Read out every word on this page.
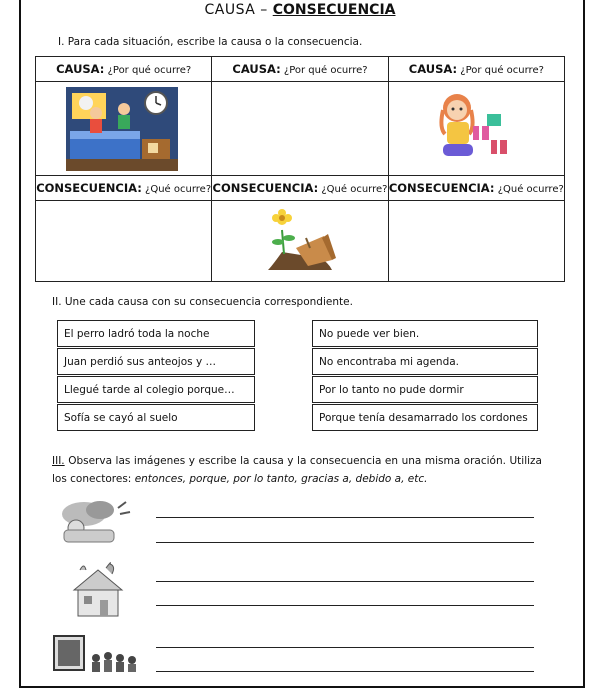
CAUSA – CONSECUENCIA
I. Para cada situación, escribe la causa o la consecuencia.
CAUSA: ¿Por qué ocurre?	CAUSA: ¿Por qué ocurre?	CAUSA: ¿Por qué ocurre?

CONSECUENCIA: ¿Qué ocurre?	CONSECUENCIA: ¿Qué ocurre?	CONSECUENCIA: ¿Qué ocurre?

II. Une cada causa con su consecuencia correspondiente.
El perro ladró toda la noche
Juan perdió sus anteojos y …
Llegué tarde al colegio porque…
Sofía se cayó al suelo
No puede ver bien.
No encontraba mi agenda.
Por lo tanto no pude dormir
Porque tenía desamarrado los cordones
III. Observa las imágenes y escribe la causa y la consecuencia en una misma oración. Utiliza los conectores: entonces, porque, por lo tanto, gracias a, debido a, etc.
